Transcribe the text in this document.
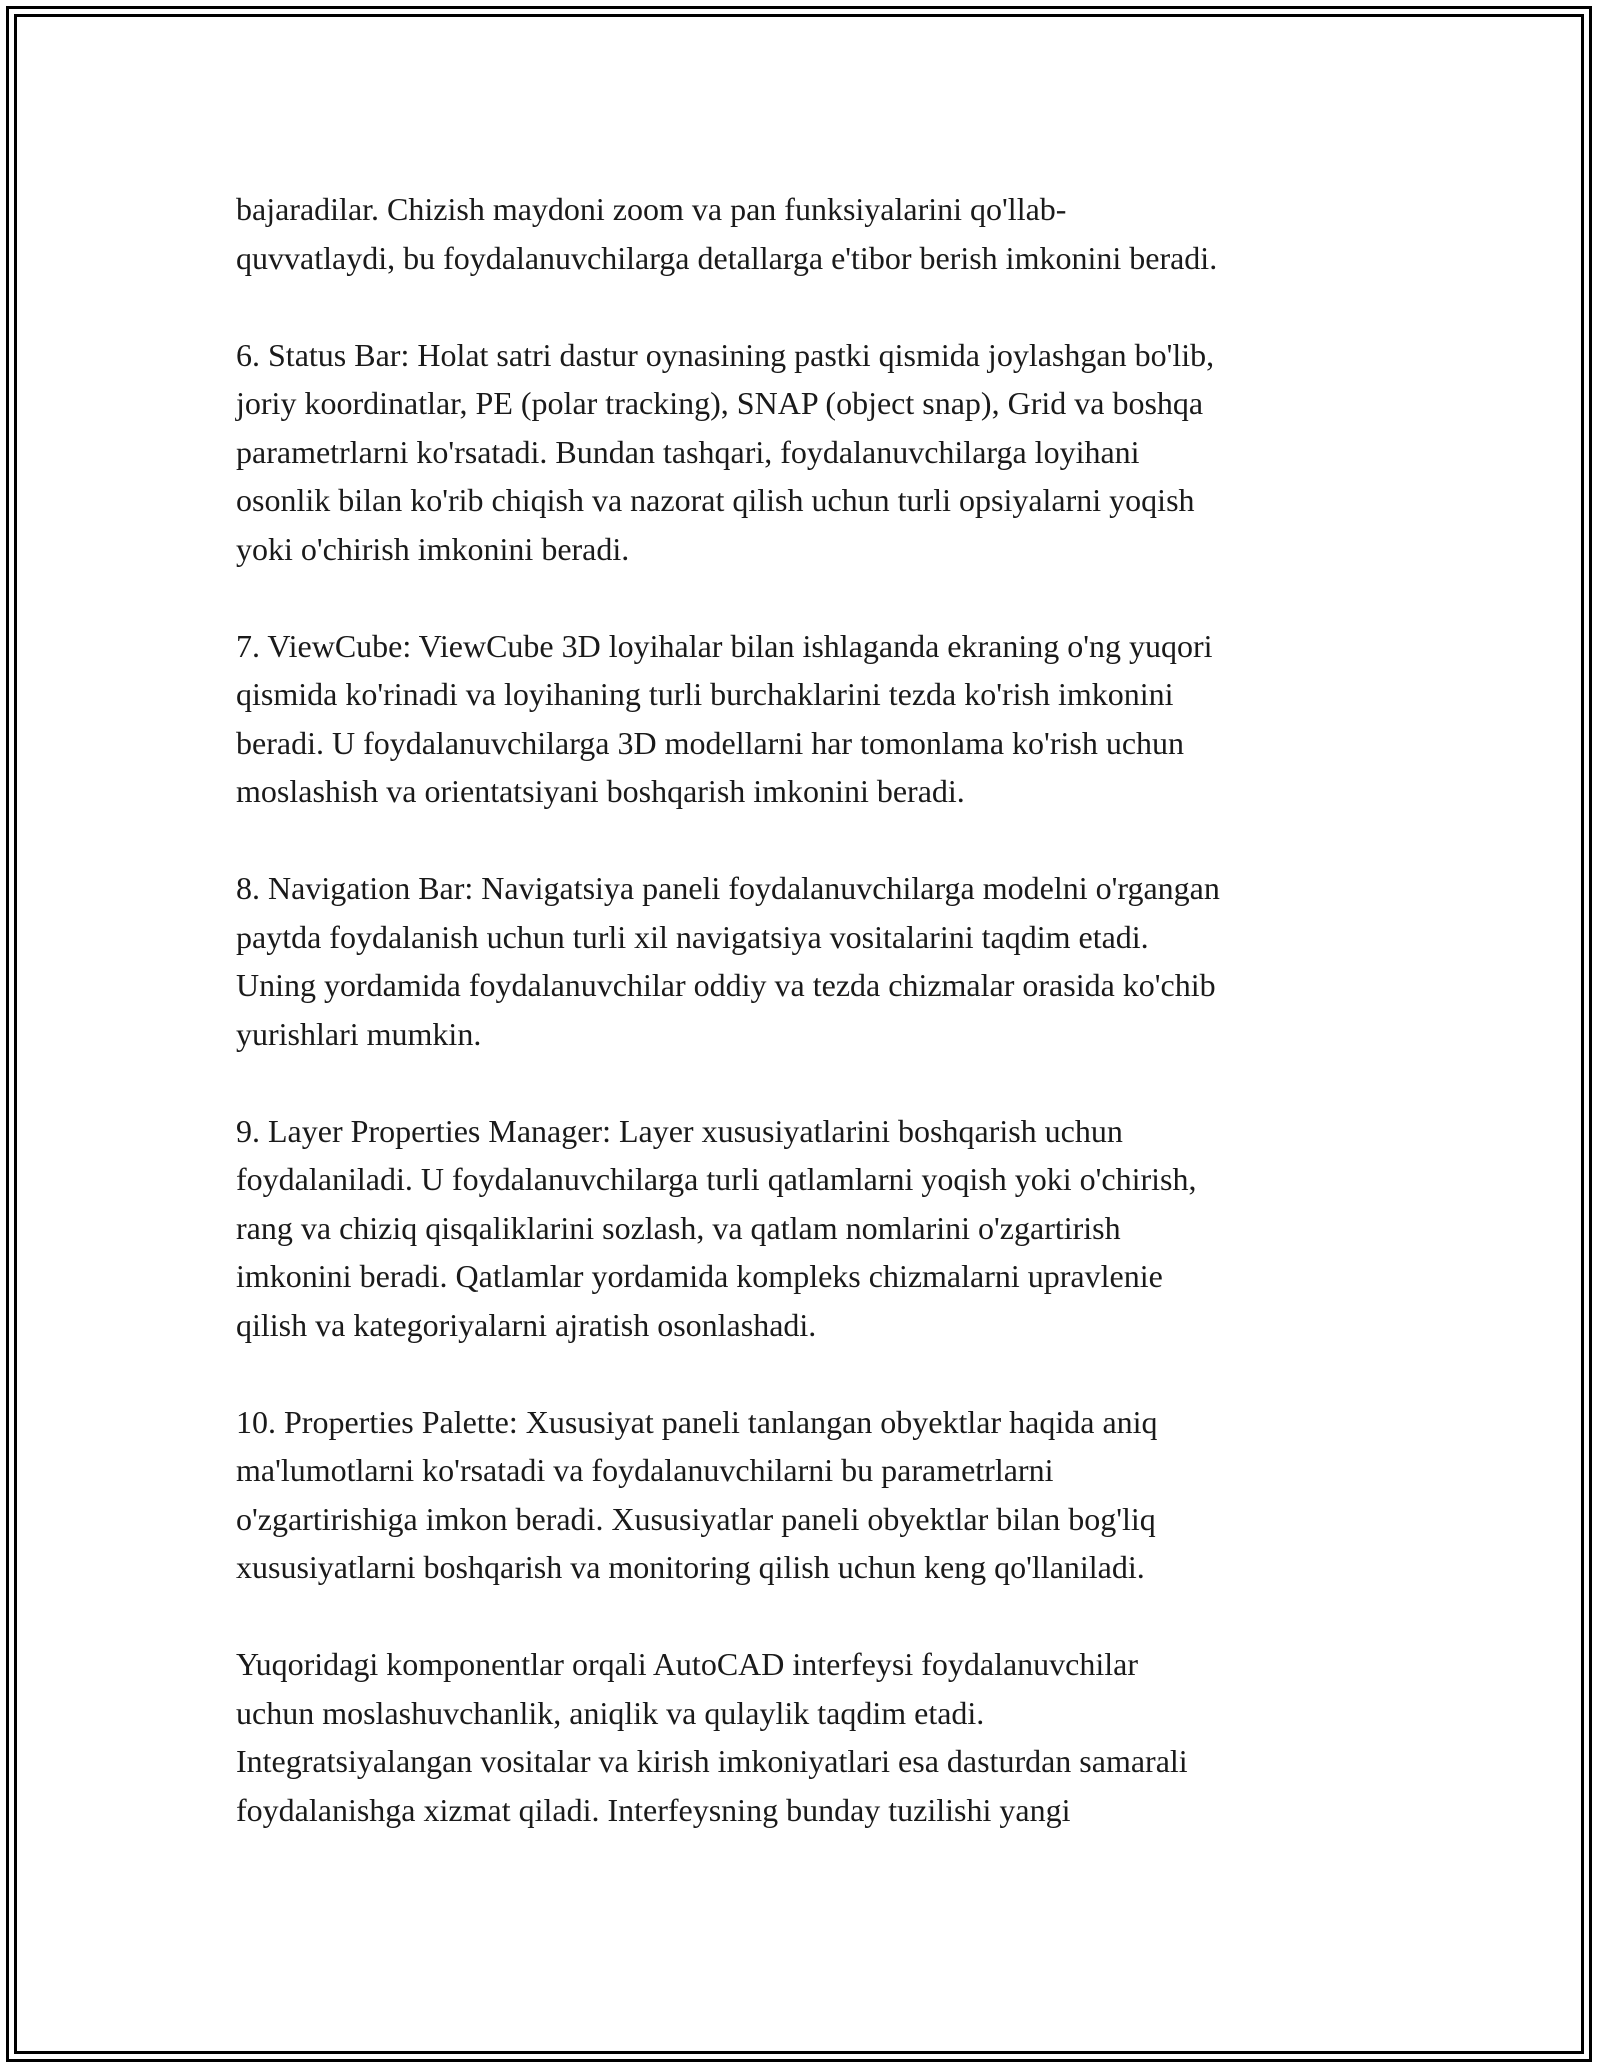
bajaradilar. Chizish maydoni zoom va pan funksiyalarini qo'llab-
quvvatlaydi, bu foydalanuvchilarga detallarga e'tibor berish imkonini beradi.

6. Status Bar: Holat satri dastur oynasining pastki qismida joylashgan bo'lib,
joriy koordinatlar, PE (polar tracking), SNAP (object snap), Grid va boshqa
parametrlarni ko'rsatadi. Bundan tashqari, foydalanuvchilarga loyihani
osonlik bilan ko'rib chiqish va nazorat qilish uchun turli opsiyalarni yoqish
yoki o'chirish imkonini beradi.

7. ViewCube: ViewCube 3D loyihalar bilan ishlaganda ekraning o'ng yuqori
qismida ko'rinadi va loyihaning turli burchaklarini tezda ko'rish imkonini
beradi. U foydalanuvchilarga 3D modellarni har tomonlama ko'rish uchun
moslashish va orientatsiyani boshqarish imkonini beradi.

8. Navigation Bar: Navigatsiya paneli foydalanuvchilarga modelni o'rgangan
paytda foydalanish uchun turli xil navigatsiya vositalarini taqdim etadi.
Uning yordamida foydalanuvchilar oddiy va tezda chizmalar orasida ko'chib
yurishlari mumkin.

9. Layer Properties Manager: Layer xususiyatlarini boshqarish uchun
foydalaniladi. U foydalanuvchilarga turli qatlamlarni yoqish yoki o'chirish,
rang va chiziq qisqaliklarini sozlash, va qatlam nomlarini o'zgartirish
imkonini beradi. Qatlamlar yordamida kompleks chizmalarni upravlenie
qilish va kategoriyalarni ajratish osonlashadi.

10. Properties Palette: Xususiyat paneli tanlangan obyektlar haqida aniq
ma'lumotlarni ko'rsatadi va foydalanuvchilarni bu parametrlarni
o'zgartirishiga imkon beradi. Xususiyatlar paneli obyektlar bilan bog'liq
xususiyatlarni boshqarish va monitoring qilish uchun keng qo'llaniladi.

Yuqoridagi komponentlar orqali AutoCAD interfeysi foydalanuvchilar
uchun moslashuvchanlik, aniqlik va qulaylik taqdim etadi.
Integratsiyalangan vositalar va kirish imkoniyatlari esa dasturdan samarali
foydalanishga xizmat qiladi. Interfeysning bunday tuzilishi yangi
